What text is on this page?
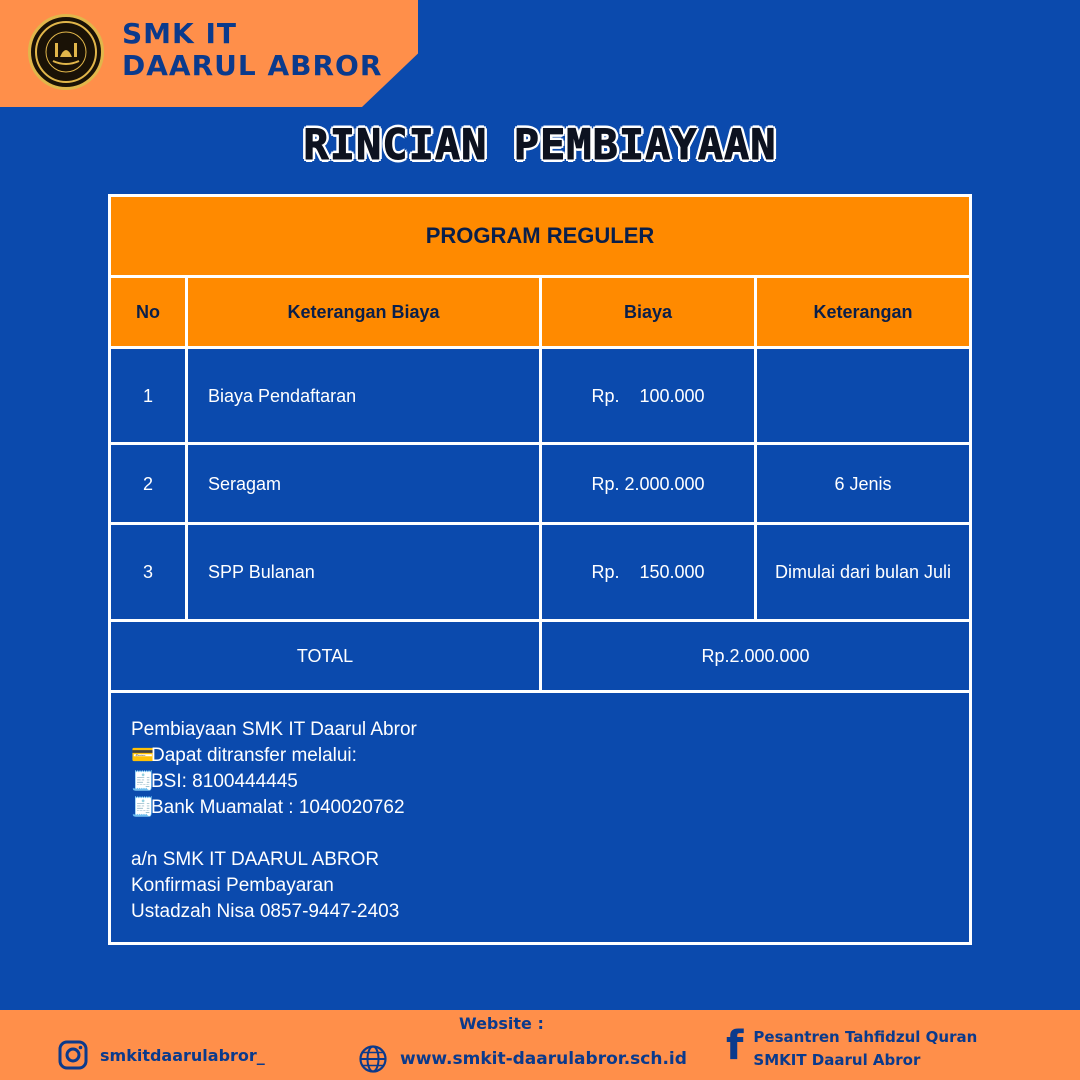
SMK IT
DAARUL ABROR
RINCIAN PEMBIAYAAN
PROGRAM REGULER
No	Keterangan Biaya	Biaya	Keterangan
1	Biaya Pendaftaran	Rp.    100.000
2	Seragam	Rp. 2.000.000	6 Jenis
3	SPP Bulanan	Rp.    150.000	Dimulai dari bulan Juli
TOTAL	Rp.2.000.000
Pembiayaan SMK IT Daarul Abror
💳Dapat ditransfer melalui:
🧾BSI: 8100444445
🧾Bank Muamalat : 1040020762
a/n SMK IT DAARUL ABROR
Konfirmasi Pembayaran
Ustadzah Nisa 0857-9447-2403
smkitdaarulabror_
Website :
www.smkit-daarulabror.sch.id f Pesantren Tahfidzul Quran
SMKIT Daarul Abror
